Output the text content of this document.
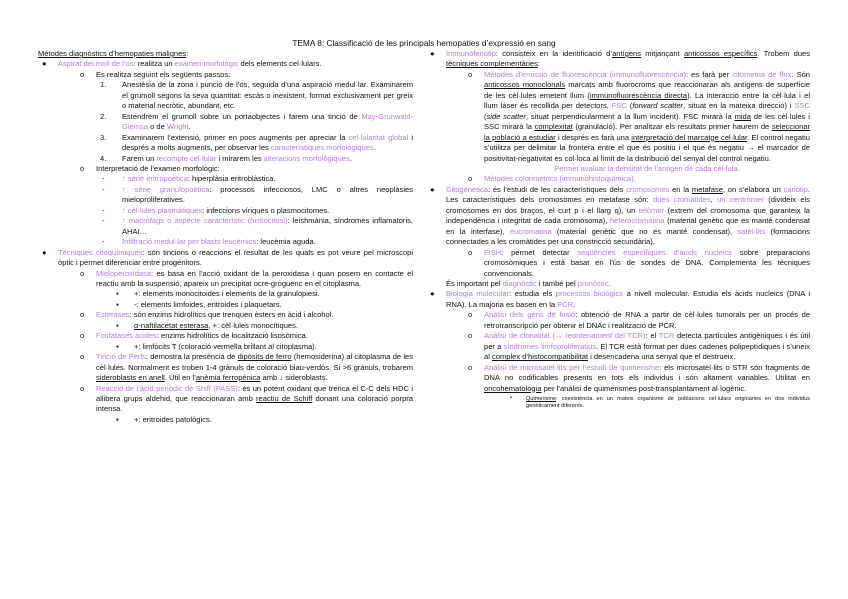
TEMA 8: Classificació de les principals hemopaties d’expressió en sang
Mètodes diagnòstics d’hemopaties malignes:
● Aspirat del moll de l’os: realitza un examen morfològic dels elements cel·lulars.
o Es realitza seguint els següents passos:
1. Anestèsia de la zona i punció de l’os, seguida d’una aspiració medul·lar. Examinarem el grumoll segons la seva quantitat: escàs o inexistent, format exclusivament per greix o material necròtic, abundant, etc.
2. Estendrem el grumoll sobre un portaobjectes i farem una tinció de May-Grunwald-Giemsa o de Wright.
3. Examinarem l’extensió, primer en pocs augments per apreciar la cel·lularitat global i després a molts augments, per observar les característiques morfològiques.
4. Farem un recompte cel·lular i mirarem les alteracions morfològiques.
o Interpretació de l’examen morfològic:
- ↑ sèrie eritropoètica: hiperplàsia eritroblàstica.
- ↑ sèrie granulopoètica: processos infecciosos, LMC o altres neoplàsies mieloproliferatives.
- ↑ cèl·lules plasmàtiques: infeccions víriques o plasmocitomes.
- ↑ macròfags o aspecte característic (histiocitosi): leishmània, síndromes inflamatoris, AHAI…
- Infiltració medul·lar per blasts leucèmics: leucèmia aguda.
● Tècniques citoquímiques: són tincions o reaccions el resultat de les quals es pot veure pel microscopi òptic i permet diferenciar entre progenitors.
o Mieloperoxidasa: es basa en l’acció oxidant de la peroxidasa i quan posem en contacte el reactiu amb la suspensió, apareix un precipitat ocre-groguenc en el citoplasma.
▪ +: elements monocitoides i elements de la granulopiesi.
▪ -: elements limfoides, eritroides i plaquetars.
o Esterases: són enzims hidrolítics que trenquen èsters en àcid i alcohol.
▪ α-naftilacetat esterasa, +: cèl·lules monocítiques.
o Fosfatases àcides: enzims hidrolítics de localització lisosòmica.
▪ +: limfòcits T (coloració vermella brillant al citoplasma).
o Tinció de Perls: demostra la presència de dipòsits de ferro (hemosiderina) al citoplasma de les cèl·lules. Normalment es troben 1-4 grànuls de coloració blau-verdós. Si >6 grànuls, trobarem sideroblasts en anell. Útil en l’anèmia ferropènica amb ↓ sideroblasts.
o Reacció de l’àcid periòdic de Shiff (PASS): és un potent oxidant que trenca el C-C dels HDC i allibera grups aldehid, que reaccionaran amb reactiu de Schiff donant una coloració porpra intensa.
▪ +: eritroides patològics.
● Immunofenotip: consisteix en la identificació d’antígens mitjançant anticossos específics. Trobem dues tècniques complementàries:
o Mètodes d’emissió de fluorescència (immunofluorescència): es farà per citometria de flux. Són anticossos monoclonals marcats amb fluorocroms que reaccionaran als antígens de superfície de les cèl·lules emetent llum (immunofluorescència directa). La interacció entre la cèl·lula i el llum làser és recollida per detectors, FSC (forward scatter, situat en la mateixa direcció) i SSC (side scatter, situat perpendicularment a la llum incident). FSC mirarà la mida de les cèl·lules i SSC mirarà la complexitat (granulació). Per analitzar els resultats primer haurem de seleccionar la població a estudiar i després es farà una interpretació del marcatge cel·lular. El control negatiu s’utilitza per delimitar la frontera entre el que és positiu i el que és negatiu → el marcador de positivitat-negativitat es col·loca al límit de la distribució del senyal del control negatiu.
Permet avaluar la densitat de l’antigen de cada cèl·lula.
o Mètodes colorimètrics (immunohistoquímica).
● Citogenètica: és l’estudi de les característiques dels cromosomes en la metafase, on s’elabora un cariotip. Les característiques dels cromosomes en metafase són: dues cromàtides, un centròmer (divideix els cromosomes en dos braços, el curt p i el llarg q), un telòmer (extrem del cromosoma que garanteix la independència i integritat de cada cromosoma), heterocromatina (material genètic que es manté condensat en la interfase), eucromatina (material genètic que no es manté condensat), satèl·lits (formacions connectades a les cromàtides per una constricció secundària).
o FISH: permet detectar seqüències específiques d’àcids nucleics sobre preparacions cromosòmiques i està basat en l’ús de sondes de DNA. Complementa les tècniques convencionals.
És important pel diagnòstic i també pel pronòstic.
● Biologia molecular: estudia els processos biològics a nivell molecular. Estudia els àcids nucleics (DNA i RNA). La majoria es basen en la PCR.
o Anàlisi dels gens de fusió: obtenció de RNA a partir de cèl·lules tumorals per un procés de retrotranscripció per obtenir el DNAc i realització de PCR.
o Anàlisi de clonalitat (→ reordenament del TCR): el TCR detecta partícules antigèniques i és útil per a síndromes limfoproliferatius. El TCR està format per dues cadenes polipeptídiques i s’uneix al complex d’histocompatibilitat i desencadena una senyal que el destrueix.
o Anàlisi de microsatèl·lits per l’estudi de quimerisme: els microsatèl·lits o STR són fragments de DNA no codificables presents en tots els individus i són altament variables. Utilitat en oncohematologia per l’anàlisi de quimerismes post-transplantament al·logènic.
▪	Quimerisme: coexistència en un mateix organisme de poblacions cel·lulars originàries en dos individus genèticament diferents.
